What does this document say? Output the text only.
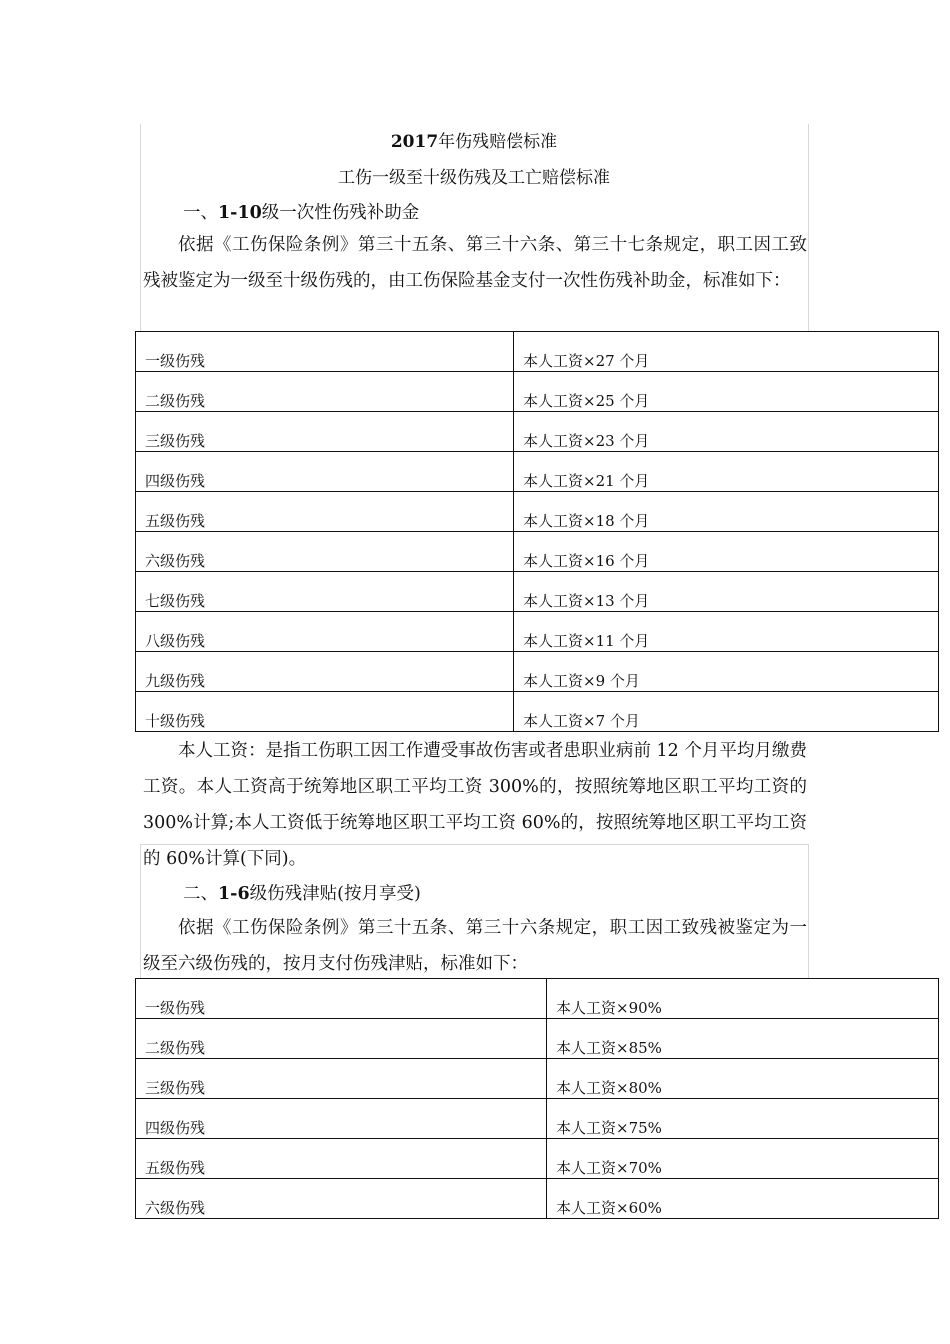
2017年伤残赔偿标准
工伤一级至十级伤残及工亡赔偿标准
一、1-10级一次性伤残补助金
依据《工伤保险条例》第三十五条、第三十六条、第三十七条规定，职工因工致残被鉴定为一级至十级伤残的，由工伤保险基金支付一次性伤残补助金，标准如下：
一级伤残	本人工资×27 个月
二级伤残	本人工资×25 个月
三级伤残	本人工资×23 个月
四级伤残	本人工资×21 个月
五级伤残	本人工资×18 个月
六级伤残	本人工资×16 个月
七级伤残	本人工资×13 个月
八级伤残	本人工资×11 个月
九级伤残	本人工资×9 个月
十级伤残	本人工资×7 个月
本人工资：是指工伤职工因工作遭受事故伤害或者患职业病前 12 个月平均月缴费工资。本人工资高于统筹地区职工平均工资 300%的，按照统筹地区职工平均工资的 300%计算;本人工资低于统筹地区职工平均工资 60%的，按照统筹地区职工平均工资的 60%计算(下同)。
二、1-6级伤残津贴(按月享受)
依据《工伤保险条例》第三十五条、第三十六条规定，职工因工致残被鉴定为一级至六级伤残的，按月支付伤残津贴，标准如下：
一级伤残	本人工资×90%
二级伤残	本人工资×85%
三级伤残	本人工资×80%
四级伤残	本人工资×75%
五级伤残	本人工资×70%
六级伤残	本人工资×60%
